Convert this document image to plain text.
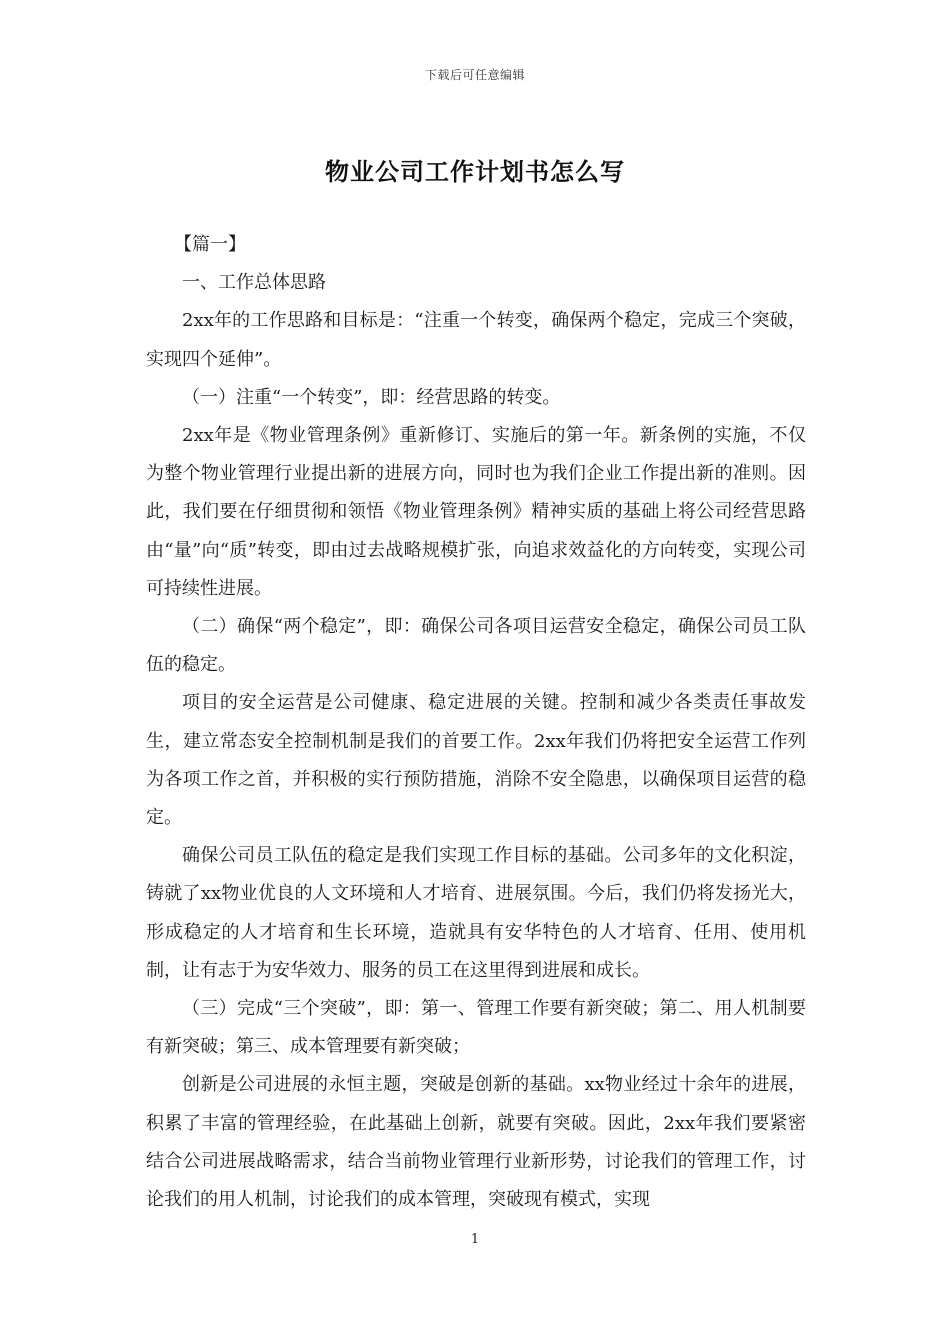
下载后可任意编辑
物业公司工作计划书怎么写

【篇一】

一、工作总体思路

2xx年的工作思路和目标是：“注重一个转变，确保两个稳定，完成三个突破，实现四个延伸”。

（一）注重“一个转变”，即：经营思路的转变。

2xx年是《物业管理条例》重新修订、实施后的第一年。新条例的实施，不仅为整个物业管理行业提出新的进展方向，同时也为我们企业工作提出新的准则。因此，我们要在仔细贯彻和领悟《物业管理条例》精神实质的基础上将公司经营思路由“量”向“质”转变，即由过去战略规模扩张，向追求效益化的方向转变，实现公司可持续性进展。

（二）确保“两个稳定”，即：确保公司各项目运营安全稳定，确保公司员工队伍的稳定。

项目的安全运营是公司健康、稳定进展的关键。控制和减少各类责任事故发生，建立常态安全控制机制是我们的首要工作。2xx年我们仍将把安全运营工作列为各项工作之首，并积极的实行预防措施，消除不安全隐患，以确保项目运营的稳定。

确保公司员工队伍的稳定是我们实现工作目标的基础。公司多年的文化积淀，铸就了xx物业优良的人文环境和人才培育、进展氛围。今后，我们仍将发扬光大，形成稳定的人才培育和生长环境，造就具有安华特色的人才培育、任用、使用机制，让有志于为安华效力、服务的员工在这里得到进展和成长。

（三）完成“三个突破”，即：第一、管理工作要有新突破；第二、用人机制要有新突破；第三、成本管理要有新突破；

创新是公司进展的永恒主题，突破是创新的基础。xx物业经过十余年的进展，积累了丰富的管理经验，在此基础上创新，就要有突破。因此，2xx年我们要紧密结合公司进展战略需求，结合当前物业管理行业新形势，讨论我们的管理工作，讨论我们的用人机制，讨论我们的成本管理，突破现有模式，实现

1
